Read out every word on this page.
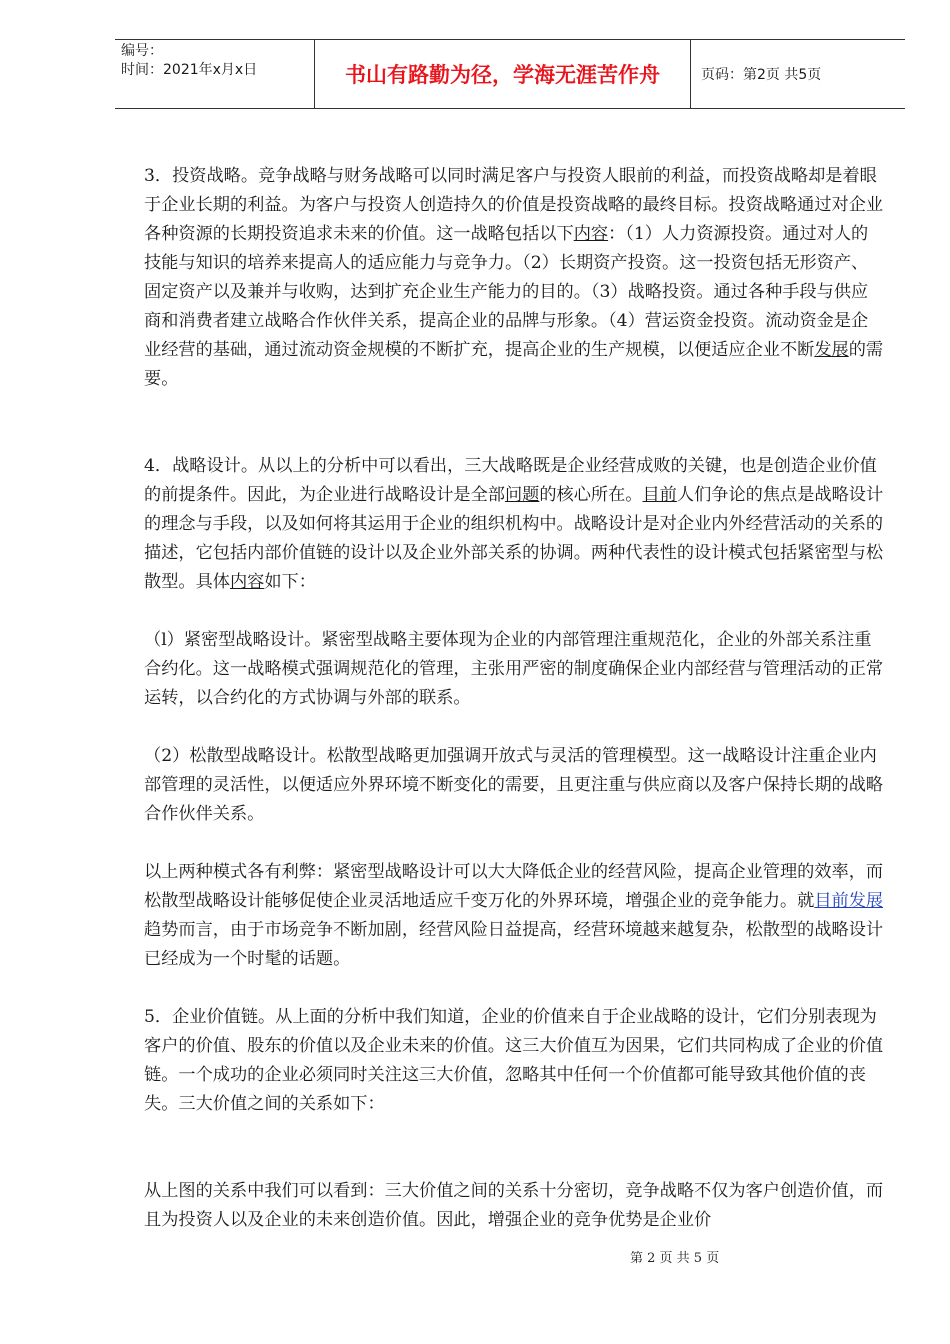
编号：
时间：2021年x月x日	书山有路勤为径，学海无涯苦作舟	页码：第2页 共5页

3．投资战略。竞争战略与财务战略可以同时满足客户与投资人眼前的利益，而投资战略却是着眼于企业长期的利益。为客户与投资人创造持久的价值是投资战略的最终目标。投资战略通过对企业各种资源的长期投资追求未来的价值。这一战略包括以下内容：（1）人力资源投资。通过对人的技能与知识的培养来提高人的适应能力与竞争力。（2）长期资产投资。这一投资包括无形资产、固定资产以及兼并与收购，达到扩充企业生产能力的目的。（3）战略投资。通过各种手段与供应商和消费者建立战略合作伙伴关系，提高企业的品牌与形象。（4）营运资金投资。流动资金是企业经营的基础，通过流动资金规模的不断扩充，提高企业的生产规模，以便适应企业不断发展的需要。

4．战略设计。从以上的分析中可以看出，三大战略既是企业经营成败的关键，也是创造企业价值的前提条件。因此，为企业进行战略设计是全部问题的核心所在。目前人们争论的焦点是战略设计的理念与手段，以及如何将其运用于企业的组织机构中。战略设计是对企业内外经营活动的关系的描述，它包括内部价值链的设计以及企业外部关系的协调。两种代表性的设计模式包括紧密型与松散型。具体内容如下：

（l）紧密型战略设计。紧密型战略主要体现为企业的内部管理注重规范化，企业的外部关系注重合约化。这一战略模式强调规范化的管理，主张用严密的制度确保企业内部经营与管理活动的正常运转，以合约化的方式协调与外部的联系。

（2）松散型战略设计。松散型战略更加强调开放式与灵活的管理模型。这一战略设计注重企业内部管理的灵活性，以便适应外界环境不断变化的需要，且更注重与供应商以及客户保持长期的战略合作伙伴关系。

以上两种模式各有利弊：紧密型战略设计可以大大降低企业的经营风险，提高企业管理的效率，而松散型战略设计能够促使企业灵活地适应千变万化的外界环境，增强企业的竞争能力。就目前发展趋势而言，由于市场竞争不断加剧，经营风险日益提高，经营环境越来越复杂，松散型的战略设计已经成为一个时髦的话题。

5．企业价值链。从上面的分析中我们知道，企业的价值来自于企业战略的设计，它们分别表现为客户的价值、股东的价值以及企业未来的价值。这三大价值互为因果，它们共同构成了企业的价值链。一个成功的企业必须同时关注这三大价值，忽略其中任何一个价值都可能导致其他价值的丧失。三大价值之间的关系如下：

从上图的关系中我们可以看到：三大价值之间的关系十分密切，竞争战略不仅为客户创造价值，而且为投资人以及企业的未来创造价值。因此，增强企业的竞争优势是企业价

第 2 页 共 5 页
